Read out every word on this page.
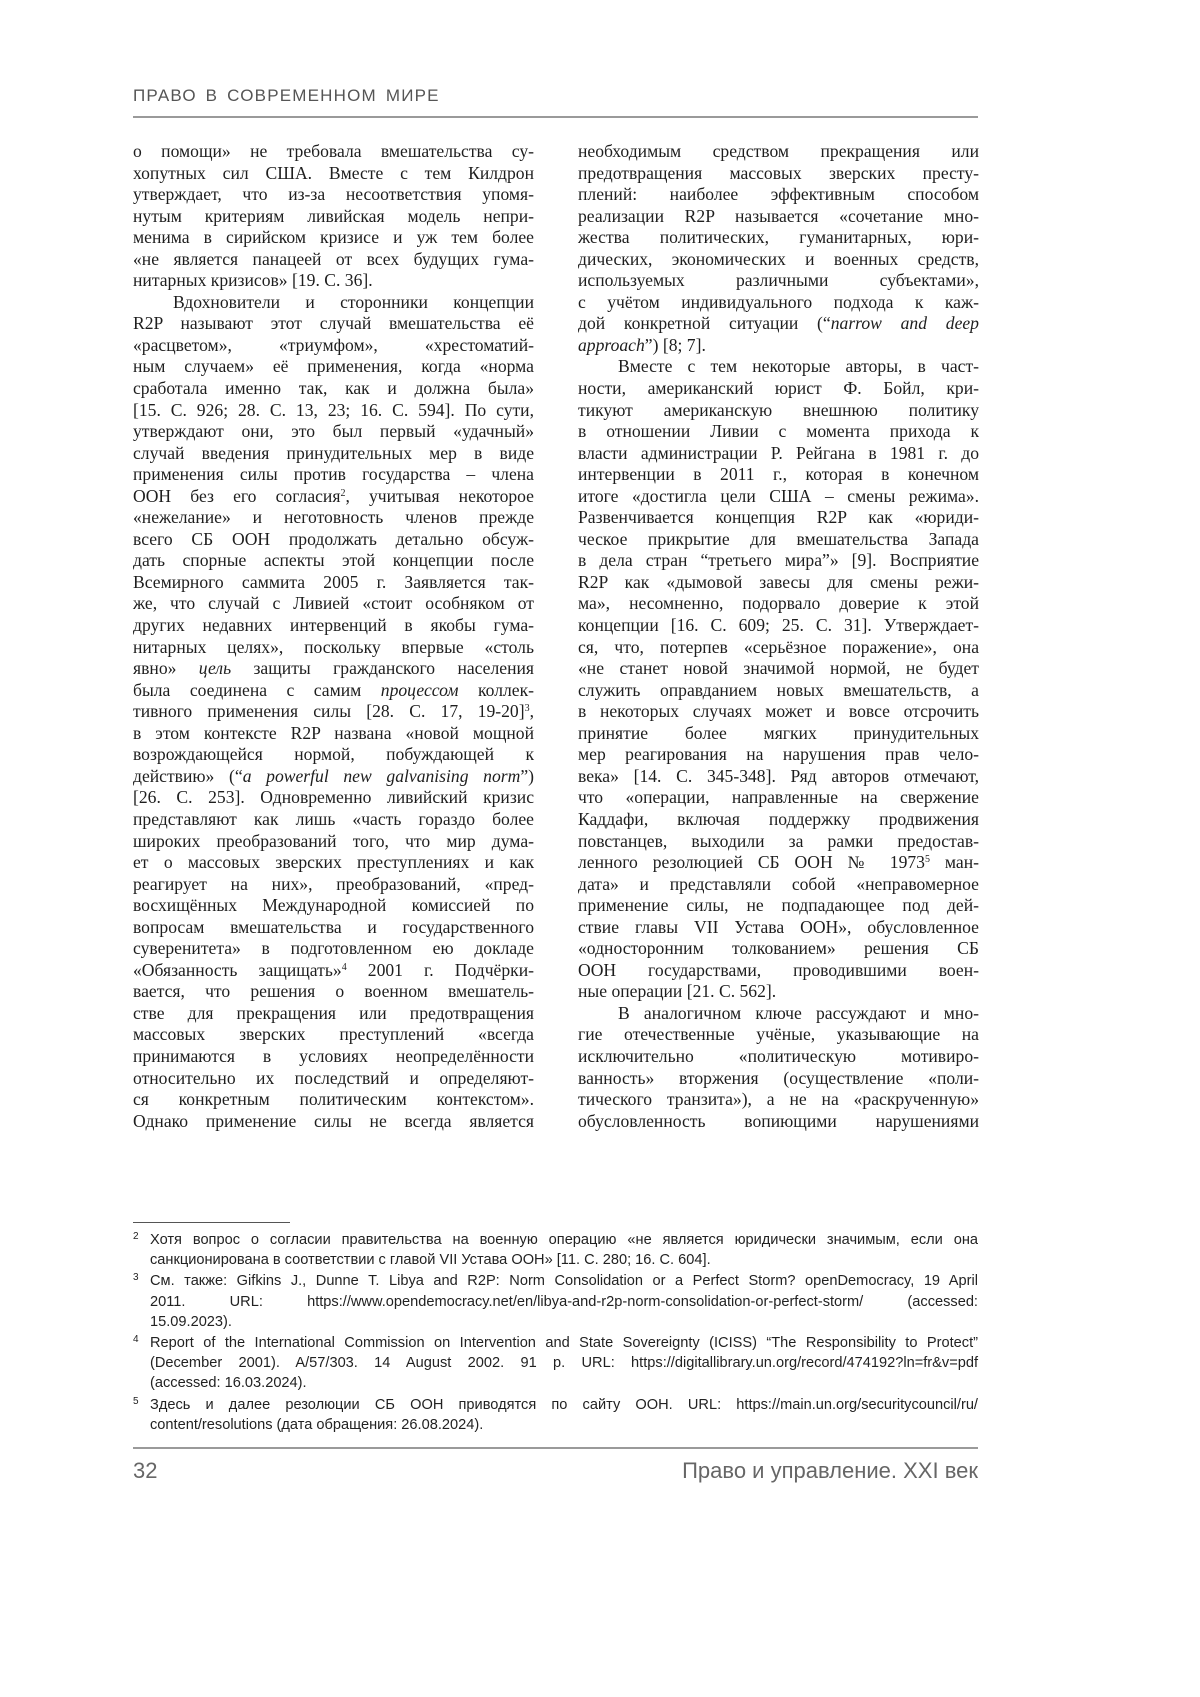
ПРАВО В СОВРЕМЕННОМ МИРЕ
о помощи» не требовала вмешательства су-
хопутных сил США. Вместе с тем Килдрон
утверждает, что из-за несоответствия упомя-
нутым критериям ливийская модель непри-
менима в сирийском кризисе и уж тем более
«не является панацеей от всех будущих гума-
нитарных кризисов» [19. С. 36].
Вдохновители и сторонники концепции
R2P называют этот случай вмешательства её
«расцветом», «триумфом», «хрестоматий-
ным случаем» её применения, когда «норма
сработала именно так, как и должна была»
[15. С. 926; 28. С. 13, 23; 16. С. 594]. По сути,
утверждают они, это был первый «удачный»
случай введения принудительных мер в виде
применения силы против государства – члена
ООН без его согласия2, учитывая некоторое
«нежелание» и неготовность членов прежде
всего СБ ООН продолжать детально обсуж-
дать спорные аспекты этой концепции после
Всемирного саммита 2005 г. Заявляется так-
же, что случай с Ливией «стоит особняком от
других недавних интервенций в якобы гума-
нитарных целях», поскольку впервые «столь
явно» цель защиты гражданского населения
была соединена с самим процессом коллек-
тивного применения силы [28. С. 17, 19-20]3,
в этом контексте R2P названа «новой мощной
возрождающейся нормой, побуждающей к
действию» (“a powerful new galvanising norm”)
[26. С. 253]. Одновременно ливийский кризис
представляют как лишь «часть гораздо более
широких преобразований того, что мир дума-
ет о массовых зверских преступлениях и как
реагирует на них», преобразований, «пред-
восхищённых Международной комиссией по
вопросам вмешательства и государственного
суверенитета» в подготовленном ею докладе
«Обязанность защищать»4 2001 г. Подчёрки-
вается, что решения о военном вмешатель-
стве для прекращения или предотвращения
массовых зверских преступлений «всегда
принимаются в условиях неопределённости
относительно их последствий и определяют-
ся конкретным политическим контекстом».
Однако применение силы не всегда является
необходимым средством прекращения или
предотвращения массовых зверских престу-
плений: наиболее эффективным способом
реализации R2P называется «сочетание мно-
жества политических, гуманитарных, юри-
дических, экономических и военных средств,
используемых различными субъектами»,
с учётом индивидуального подхода к каж-
дой конкретной ситуации (“narrow and deep
approach”) [8; 7].
Вместе с тем некоторые авторы, в част-
ности, американский юрист Ф. Бойл, кри-
тикуют американскую внешнюю политику
в отношении Ливии с момента прихода к
власти администрации Р. Рейгана в 1981 г. до
интервенции в 2011 г., которая в конечном
итоге «достигла цели США – смены режима».
Развенчивается концепция R2P как «юриди-
ческое прикрытие для вмешательства Запада
в дела стран “третьего мира”» [9]. Восприятие
R2P как «дымовой завесы для смены режи-
ма», несомненно, подорвало доверие к этой
концепции [16. С. 609; 25. С. 31]. Утверждает-
ся, что, потерпев «серьёзное поражение», она
«не станет новой значимой нормой, не будет
служить оправданием новых вмешательств, а
в некоторых случаях может и вовсе отсрочить
принятие более мягких принудительных
мер реагирования на нарушения прав чело-
века» [14. С. 345-348]. Ряд авторов отмечают,
что «операции, направленные на свержение
Каддафи, включая поддержку продвижения
повстанцев, выходили за рамки предостав-
ленного резолюцией СБ ООН № 19735 ман-
дата» и представляли собой «неправомерное
применение силы, не подпадающее под дей-
ствие главы VII Устава ООН», обусловленное
«односторонним толкованием» решения СБ
ООН государствами, проводившими воен-
ные операции [21. С. 562].
В аналогичном ключе рассуждают и мно-
гие отечественные учёные, указывающие на
исключительно «политическую мотивиро-
ванность» вторжения (осуществление «поли-
тического транзита»), а не на «раскрученную»
обусловленность вопиющими нарушениями
2 Хотя вопрос о согласии правительства на военную операцию «не является юридически значимым, если она
санкционирована в соответствии с главой VII Устава ООН» [11. С. 280; 16. С. 604].
3 См. также: Gifkins J., Dunne T. Libya and R2P: Norm Consolidation or a Perfect Storm? openDemocracy, 19 April
2011. URL: https://www.opendemocracy.net/en/libya-and-r2p-norm-consolidation-or-perfect-storm/ (accessed:
15.09.2023).
4 Report of the International Commission on Intervention and State Sovereignty (ICISS) “The Responsibility to Protect”
(December 2001). A/57/303. 14 August 2002. 91 p. URL: https://digitallibrary.un.org/record/474192?ln=fr&v=pdf
(accessed: 16.03.2024).
5 Здесь и далее резолюции СБ ООН приводятся по сайту ООН. URL: https://main.un.org/securitycouncil/ru/
content/resolutions (дата обращения: 26.08.2024).
32	Право и управление. XXI век
